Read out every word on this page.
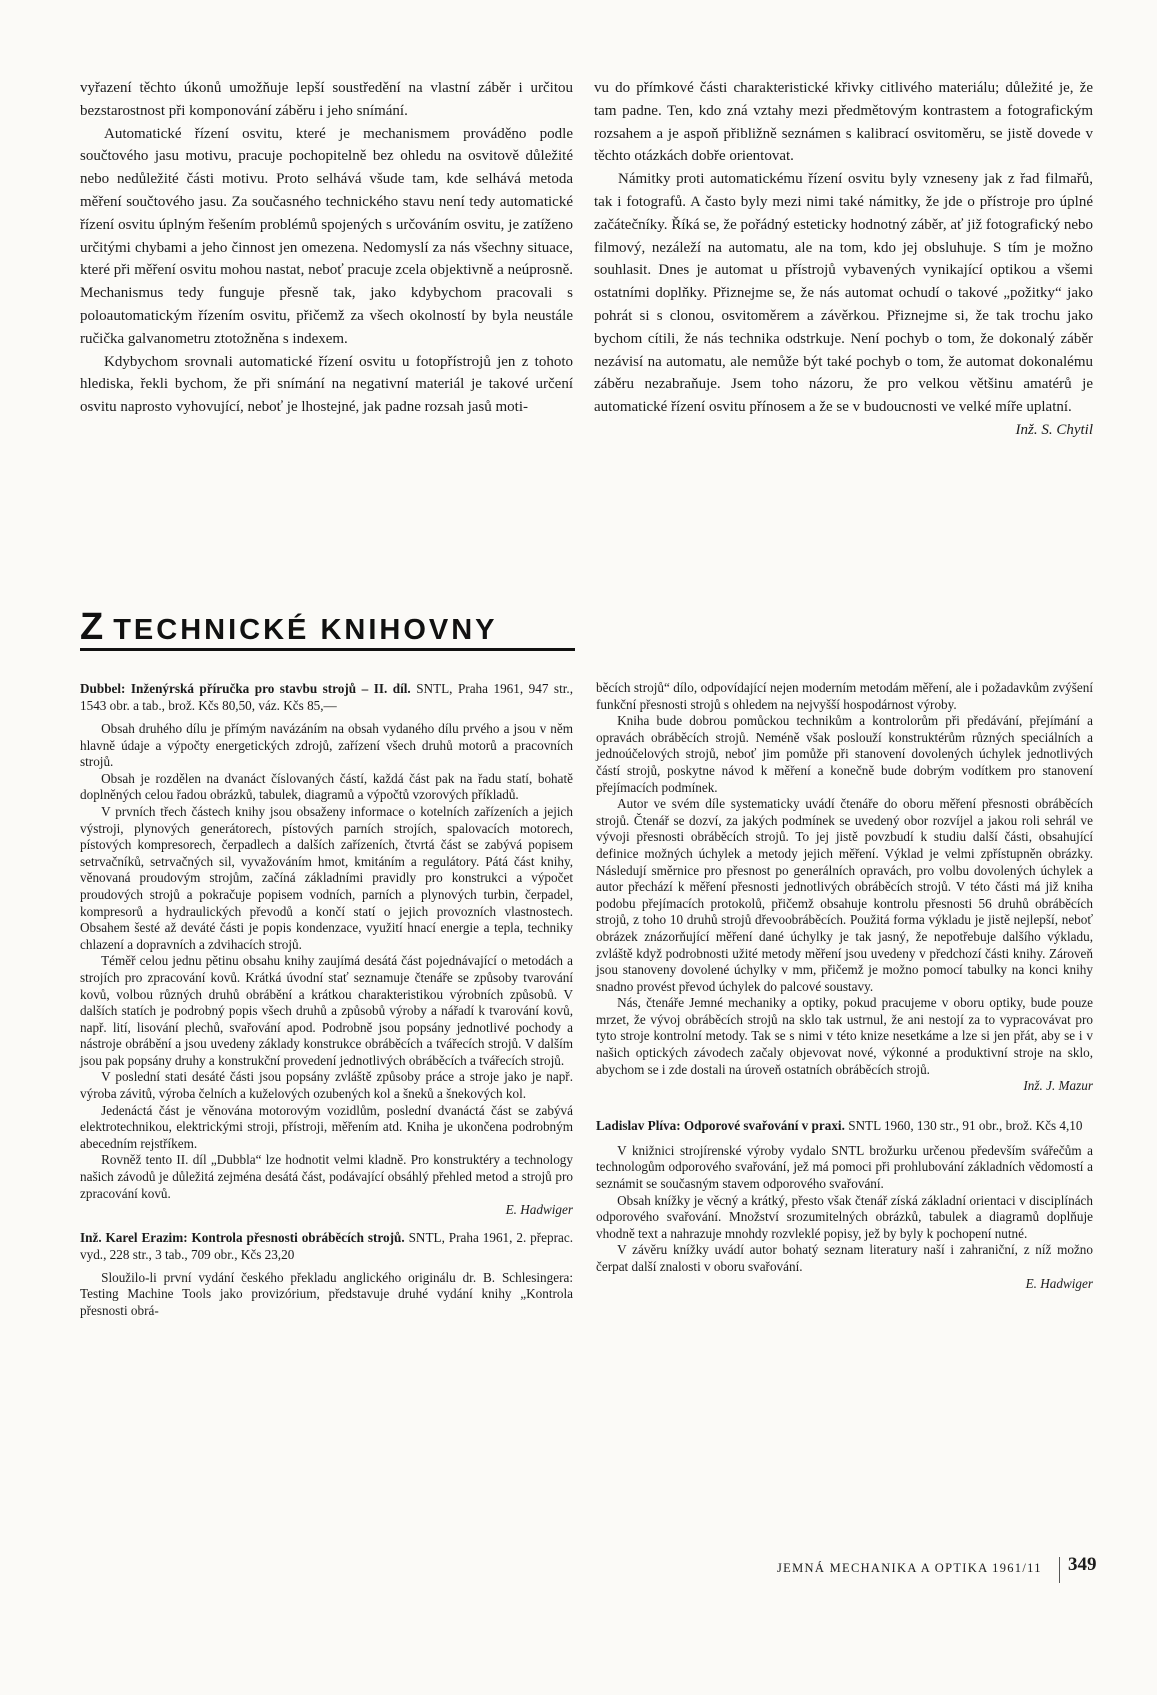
vyřazení těchto úkonů umožňuje lepší soustředění na vlastní záběr i určitou bezstarostnost při komponování záběru i jeho snímání.

Automatické řízení osvitu, které je mechanismem prováděno podle součtového jasu motivu, pracuje pochopitelně bez ohledu na osvitově důležité nebo nedůležité části motivu. Proto selhává všude tam, kde selhává metoda měření součtového jasu. Za současného technického stavu není tedy automatické řízení osvitu úplným řešením problémů spojených s určováním osvitu, je zatíženo určitými chybami a jeho činnost jen omezena. Nedomyslí za nás všechny situace, které při měření osvitu mohou nastat, neboť pracuje zcela objektivně a neúprosně. Mechanismus tedy funguje přesně tak, jako kdybychom pracovali s poloautomatickým řízením osvitu, přičemž za všech okolností by byla neustále ručička galvanometru ztotožněna s indexem.

Kdybychom srovnali automatické řízení osvitu u fotopřístrojů jen z tohoto hlediska, řekli bychom, že při snímání na negativní materiál je takové určení osvitu naprosto vyhovující, neboť je lhostejné, jak padne rozsah jasů moti-

vu do přímkové části charakteristické křivky citlivého materiálu; důležité je, že tam padne. Ten, kdo zná vztahy mezi předmětovým kontrastem a fotografickým rozsahem a je aspoň přibližně seznámen s kalibrací osvitoměru, se jistě dovede v těchto otázkách dobře orientovat.

Námitky proti automatickému řízení osvitu byly vzneseny jak z řad filmařů, tak i fotografů. A často byly mezi nimi také námitky, že jde o přístroje pro úplné začátečníky. Říká se, že pořádný esteticky hodnotný záběr, ať již fotografický nebo filmový, nezáleží na automatu, ale na tom, kdo jej obsluhuje. S tím je možno souhlasit. Dnes je automat u přístrojů vybavených vynikající optikou a všemi ostatními doplňky. Přiznejme se, že nás automat ochudí o takové „požitky“ jako pohrát si s clonou, osvitoměrem a závěrkou. Přiznejme si, že tak trochu jako bychom cítili, že nás technika odstrkuje. Není pochyb o tom, že dokonalý záběr nezávisí na automatu, ale nemůže být také pochyb o tom, že automat dokonalému záběru nezabraňuje. Jsem toho názoru, že pro velkou většinu amatérů je automatické řízení osvitu přínosem a že se v budoucnosti ve velké míře uplatní.

Inž. S. Chytil

Z TECHNICKÉ KNIHOVNY

Dubbel: Inženýrská příručka pro stavbu strojů – II. díl. SNTL, Praha 1961, 947 str., 1543 obr. a tab., brož. Kčs 80,50, váz. Kčs 85,—

Obsah druhého dílu je přímým navázáním na obsah vydaného dílu prvého a jsou v něm hlavně údaje a výpočty energetických zdrojů, zařízení všech druhů motorů a pracovních strojů.

Obsah je rozdělen na dvanáct číslovaných částí, každá část pak na řadu statí, bohatě doplněných celou řadou obrázků, tabulek, diagramů a výpočtů vzorových příkladů.

V prvních třech částech knihy jsou obsaženy informace o kotelních zařízeních a jejich výstroji, plynových generátorech, pístových parních strojích, spalovacích motorech, pístových kompresorech, čerpadlech a dalších zařízeních, čtvrtá část se zabývá popisem setrvačníků, setrvačných sil, vyvažováním hmot, kmitáním a regulátory. Pátá část knihy, věnovaná proudovým strojům, začíná základními pravidly pro konstrukci a výpočet proudových strojů a pokračuje popisem vodních, parních a plynových turbin, čerpadel, kompresorů a hydraulických převodů a končí statí o jejich provozních vlastnostech. Obsahem šesté až deváté části je popis kondenzace, využití hnací energie a tepla, techniky chlazení a dopravních a zdvihacích strojů.

Téměř celou jednu pětinu obsahu knihy zaujímá desátá část pojednávající o metodách a strojích pro zpracování kovů. Krátká úvodní stať seznamuje čtenáře se způsoby tvarování kovů, volbou různých druhů obrábění a krátkou charakteristikou výrobních způsobů. V dalších statích je podrobný popis všech druhů a způsobů výroby a nářadí k tvarování kovů, např. lití, lisování plechů, svařování apod. Podrobně jsou popsány jednotlivé pochody a nástroje obrábění a jsou uvedeny základy konstrukce obráběcích a tvářecích strojů. V dalším jsou pak popsány druhy a konstrukční provedení jednotlivých obráběcích a tvářecích strojů.

V poslední stati desáté části jsou popsány zvláště způsoby práce a stroje jako je např. výroba závitů, výroba čelních a kuželových ozubených kol a šneků a šnekových kol.

Jedenáctá část je věnována motorovým vozidlům, poslední dvanáctá část se zabývá elektrotechnikou, elektrickými stroji, přístroji, měřením atd. Kniha je ukončena podrobným abecedním rejstříkem.

Rovněž tento II. díl „Dubbla“ lze hodnotit velmi kladně. Pro konstruktéry a technology našich závodů je důležitá zejména desátá část, podávající obsáhlý přehled metod a strojů pro zpracování kovů.

E. Hadwiger

Inž. Karel Erazim: Kontrola přesnosti obráběcích strojů. SNTL, Praha 1961, 2. přeprac. vyd., 228 str., 3 tab., 709 obr., Kčs 23,20

Sloužilo-li první vydání českého překladu anglického originálu dr. B. Schlesingera: Testing Machine Tools jako provizórium, představuje druhé vydání knihy „Kontrola přesnosti obrá-

běcích strojů“ dílo, odpovídající nejen moderním metodám měření, ale i požadavkům zvýšení funkční přesnosti strojů s ohledem na nejvyšší hospodárnost výroby.

Kniha bude dobrou pomůckou technikům a kontrolorům při předávání, přejímání a opravách obráběcích strojů. Neméně však poslouží konstruktérům různých speciálních a jednoúčelových strojů, neboť jim pomůže při stanovení dovolených úchylek jednotlivých částí strojů, poskytne návod k měření a konečně bude dobrým vodítkem pro stanovení přejímacích podmínek.

Autor ve svém díle systematicky uvádí čtenáře do oboru měření přesnosti obráběcích strojů. Čtenář se dozví, za jakých podmínek se uvedený obor rozvíjel a jakou roli sehrál ve vývoji přesnosti obráběcích strojů. To jej jistě povzbudí k studiu další části, obsahující definice možných úchylek a metody jejich měření. Výklad je velmi zpřístupněn obrázky. Následují směrnice pro přesnost po generálních opravách, pro volbu dovolených úchylek a autor přechází k měření přesnosti jednotlivých obráběcích strojů. V této části má již kniha podobu přejímacích protokolů, přičemž obsahuje kontrolu přesnosti 56 druhů obráběcích strojů, z toho 10 druhů strojů dřevoobráběcích. Použitá forma výkladu je jistě nejlepší, neboť obrázek znázorňující měření dané úchylky je tak jasný, že nepotřebuje dalšího výkladu, zvláště když podrobnosti užité metody měření jsou uvedeny v předchozí části knihy. Zároveň jsou stanoveny dovolené úchylky v mm, přičemž je možno pomocí tabulky na konci knihy snadno provést převod úchylek do palcové soustavy.

Nás, čtenáře Jemné mechaniky a optiky, pokud pracujeme v oboru optiky, bude pouze mrzet, že vývoj obráběcích strojů na sklo tak ustrnul, že ani nestojí za to vypracovávat pro tyto stroje kontrolní metody. Tak se s nimi v této knize nesetkáme a lze si jen přát, aby se i v našich optických závodech začaly objevovat nové, výkonné a produktivní stroje na sklo, abychom se i zde dostali na úroveň ostatních obráběcích strojů.

Inž. J. Mazur

Ladislav Plíva: Odporové svařování v praxi. SNTL 1960, 130 str., 91 obr., brož. Kčs 4,10

V knižnici strojírenské výroby vydalo SNTL brožurku určenou především svářečům a technologům odporového svařování, jež má pomoci při prohlubování základních vědomostí a seznámit se současným stavem odporového svařování.

Obsah knížky je věcný a krátký, přesto však čtenář získá základní orientaci v disciplínách odporového svařování. Množství srozumitelných obrázků, tabulek a diagramů doplňuje vhodně text a nahrazuje mnohdy rozvleklé popisy, jež by byly k pochopení nutné.

V závěru knížky uvádí autor bohatý seznam literatury naší i zahraniční, z níž možno čerpat další znalosti v oboru svařování.

E. Hadwiger

JEMNÁ MECHANIKA A OPTIKA 1961/11 349
